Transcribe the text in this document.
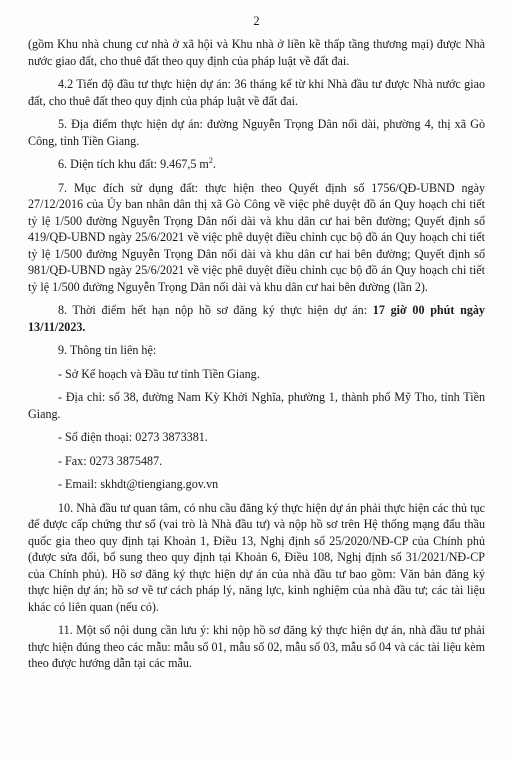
2

(gồm Khu nhà chung cư nhà ở xã hội và Khu nhà ở liền kề thấp tầng thương mại) được Nhà nước giao đất, cho thuê đất theo quy định của pháp luật về đất đai.

4.2 Tiến độ đầu tư thực hiện dự án: 36 tháng kể từ khi Nhà đầu tư được Nhà nước giao đất, cho thuê đất theo quy định của pháp luật về đất đai.

5. Địa điểm thực hiện dự án: đường Nguyễn Trọng Dân nối dài, phường 4, thị xã Gò Công, tỉnh Tiền Giang.

6. Diện tích khu đất: 9.467,5 $m^2$.

7. Mục đích sử dụng đất: thực hiện theo Quyết định số 1756/QĐ-UBND ngày 27/12/2016 của Ủy ban nhân dân thị xã Gò Công về việc phê duyệt đồ án Quy hoạch chi tiết tỷ lệ 1/500 đường Nguyễn Trọng Dân nối dài và khu dân cư hai bên đường; Quyết định số 419/QĐ-UBND ngày 25/6/2021 về việc phê duyệt điều chỉnh cục bộ đồ án Quy hoạch chi tiết tỷ lệ 1/500 đường Nguyễn Trọng Dân nối dài và khu dân cư hai bên đường; Quyết định số 981/QĐ-UBND ngày 25/6/2021 về việc phê duyệt điều chỉnh cục bộ đồ án Quy hoạch chi tiết tỷ lệ 1/500 đường Nguyễn Trọng Dân nối dài và khu dân cư hai bên đường (lần 2).

8. Thời điểm hết hạn nộp hồ sơ đăng ký thực hiện dự án: 17 giờ 00 phút ngày 13/11/2023.

9. Thông tin liên hệ:

- Sở Kế hoạch và Đầu tư tỉnh Tiền Giang.

- Địa chỉ: số 38, đường Nam Kỳ Khởi Nghĩa, phường 1, thành phố Mỹ Tho, tỉnh Tiền Giang.

- Số điện thoại: 0273 3873381.

- Fax: 0273 3875487.

- Email: skhdt@tiengiang.gov.vn

10. Nhà đầu tư quan tâm, có nhu cầu đăng ký thực hiện dự án phải thực hiện các thủ tục để được cấp chứng thư số (vai trò là Nhà đầu tư) và nộp hồ sơ trên Hệ thống mạng đấu thầu quốc gia theo quy định tại Khoản 1, Điều 13, Nghị định số 25/2020/NĐ-CP của Chính phủ (được sửa đổi, bổ sung theo quy định tại Khoản 6, Điều 108, Nghị định số 31/2021/NĐ-CP của Chính phủ). Hồ sơ đăng ký thực hiện dự án của nhà đầu tư bao gồm: Văn bản đăng ký thực hiện dự án; hồ sơ về tư cách pháp lý, năng lực, kinh nghiệm của nhà đầu tư; các tài liệu khác có liên quan (nếu có).

11. Một số nội dung cần lưu ý: khi nộp hồ sơ đăng ký thực hiện dự án, nhà đầu tư phải thực hiện đúng theo các mẫu: mẫu số 01, mẫu số 02, mẫu số 03, mẫu số 04 và các tài liệu kèm theo được hướng dẫn tại các mẫu.
